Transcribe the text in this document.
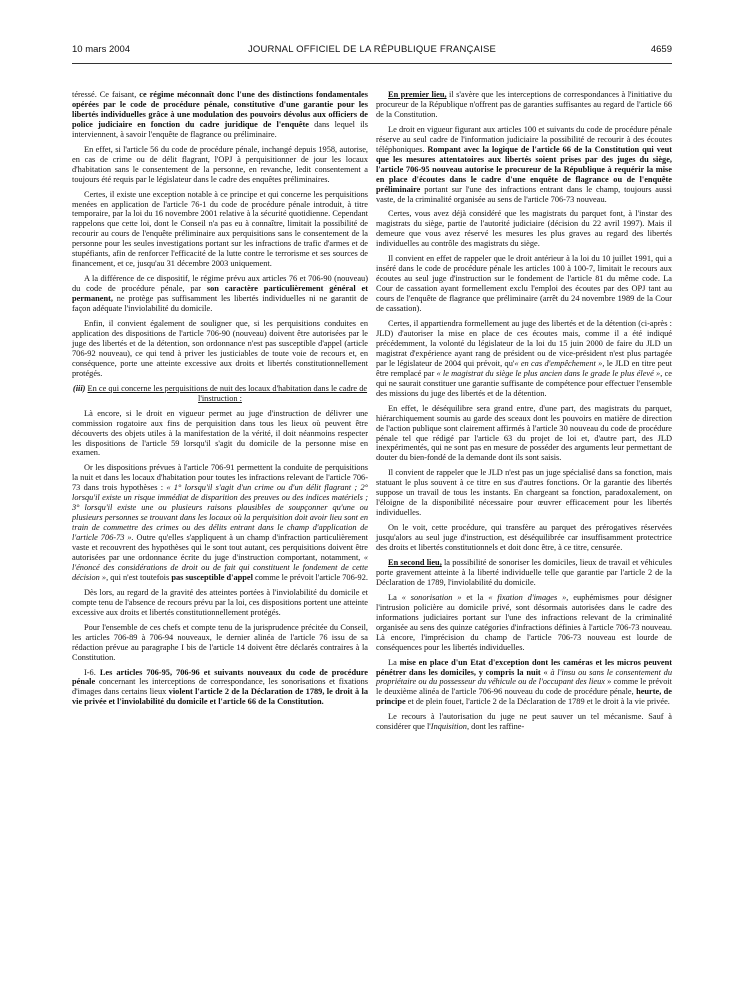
10 mars 2004	JOURNAL OFFICIEL DE LA RÉPUBLIQUE FRANÇAISE	4659

téressé. Ce faisant, ce régime méconnaît donc l'une des distinctions fondamentales opérées par le code de procédure pénale, constitutive d'une garantie pour les libertés individuelles grâce à une modulation des pouvoirs dévolus aux officiers de police judiciaire en fonction du cadre juridique de l'enquête dans lequel ils interviennent, à savoir l'enquête de flagrance ou préliminaire.

En effet, si l'article 56 du code de procédure pénale, inchangé depuis 1958, autorise, en cas de crime ou de délit flagrant, l'OPJ à perquisitionner de jour les locaux d'habitation sans le consentement de la personne, en revanche, ledit consentement a toujours été requis par le législateur dans le cadre des enquêtes préliminaires.

Certes, il existe une exception notable à ce principe et qui concerne les perquisitions menées en application de l'article 76-1 du code de procédure pénale introduit, à titre temporaire, par la loi du 16 novembre 2001 relative à la sécurité quotidienne. Cependant rappelons que cette loi, dont le Conseil n'a pas eu à connaître, limitait la possibilité de recourir au cours de l'enquête préliminaire aux perquisitions sans le consentement de la personne pour les seules investigations portant sur les infractions de trafic d'armes et de stupéfiants, afin de renforcer l'efficacité de la lutte contre le terrorisme et ses sources de financement, et ce, jusqu'au 31 décembre 2003 uniquement.

A la différence de ce dispositif, le régime prévu aux articles 76 et 706-90 (nouveau) du code de procédure pénale, par son caractère particulièrement général et permanent, ne protège pas suffisamment les libertés individuelles ni ne garantit de façon adéquate l'inviolabilité du domicile.

Enfin, il convient également de souligner que, si les perquisitions conduites en application des dispositions de l'article 706-90 (nouveau) doivent être autorisées par le juge des libertés et de la détention, son ordonnance n'est pas susceptible d'appel (article 706-92 nouveau), ce qui tend à priver les justiciables de toute voie de recours et, en conséquence, porte une atteinte excessive aux droits et libertés constitutionnellement protégés.

(iii) En ce qui concerne les perquisitions de nuit des locaux d'habitation dans le cadre de l'instruction :

Là encore, si le droit en vigueur permet au juge d'instruction de délivrer une commission rogatoire aux fins de perquisition dans tous les lieux où peuvent être découverts des objets utiles à la manifestation de la vérité, il doit néanmoins respecter les dispositions de l'article 59 lorsqu'il s'agit du domicile de la personne mise en examen.

Or les dispositions prévues à l'article 706-91 permettent la conduite de perquisitions la nuit et dans les locaux d'habitation pour toutes les infractions relevant de l'article 706-73 dans trois hypothèses : « 1° lorsqu'il s'agit d'un crime ou d'un délit flagrant ; 2° lorsqu'il existe un risque immédiat de disparition des preuves ou des indices matériels ; 3° lorsqu'il existe une ou plusieurs raisons plausibles de soupçonner qu'une ou plusieurs personnes se trouvant dans les locaux où la perquisition doit avoir lieu sont en train de commettre des crimes ou des délits entrant dans le champ d'application de l'article 706-73 ». Outre qu'elles s'appliquent à un champ d'infraction particulièrement vaste et recouvrent des hypothèses qui le sont tout autant, ces perquisitions doivent être autorisées par une ordonnance écrite du juge d'instruction comportant, notamment, « l'énoncé des considérations de droit ou de fait qui constituent le fondement de cette décision », qui n'est toutefois pas susceptible d'appel comme le prévoit l'article 706-92.

Dès lors, au regard de la gravité des atteintes portées à l'inviolabilité du domicile et compte tenu de l'absence de recours prévu par la loi, ces dispositions portent une atteinte excessive aux droits et libertés constitutionnellement protégés.

Pour l'ensemble de ces chefs et compte tenu de la jurisprudence précitée du Conseil, les articles 706-89 à 706-94 nouveaux, le dernier alinéa de l'article 76 issu de sa rédaction prévue au paragraphe I bis de l'article 14 doivent être déclarés contraires à la Constitution.

I-6. Les articles 706-95, 706-96 et suivants nouveaux du code de procédure pénale concernant les interceptions de correspondance, les sonorisations et fixations d'images dans certains lieux violent l'article 2 de la Déclaration de 1789, le droit à la vie privée et l'inviolabilité du domicile et l'article 66 de la Constitution.

En premier lieu, il s'avère que les interceptions de correspondances à l'initiative du procureur de la République n'offrent pas de garanties suffisantes au regard de l'article 66 de la Constitution.

Le droit en vigueur figurant aux articles 100 et suivants du code de procédure pénale réserve au seul cadre de l'information judiciaire la possibilité de recourir à des écoutes téléphoniques. Rompant avec la logique de l'article 66 de la Constitution qui veut que les mesures attentatoires aux libertés soient prises par des juges du siège, l'article 706-95 nouveau autorise le procureur de la République à requérir la mise en place d'écoutes dans le cadre d'une enquête de flagrance ou de l'enquête préliminaire portant sur l'une des infractions entrant dans le champ, toujours aussi vaste, de la criminalité organisée au sens de l'article 706-73 nouveau.

Certes, vous avez déjà considéré que les magistrats du parquet font, à l'instar des magistrats du siège, partie de l'autorité judiciaire (décision du 22 avril 1997). Mais il demeure que vous avez réservé les mesures les plus graves au regard des libertés individuelles au contrôle des magistrats du siège.

Il convient en effet de rappeler que le droit antérieur à la loi du 10 juillet 1991, qui a inséré dans le code de procédure pénale les articles 100 à 100-7, limitait le recours aux écoutes au seul juge d'instruction sur le fondement de l'article 81 du même code. La Cour de cassation ayant formellement exclu l'emploi des écoutes par des OPJ tant au cours de l'enquête de flagrance que préliminaire (arrêt du 24 novembre 1989 de la Cour de cassation).

Certes, il appartiendra formellement au juge des libertés et de la détention (ci-après : JLD) d'autoriser la mise en place de ces écoutes mais, comme il a été indiqué précédemment, la volonté du législateur de la loi du 15 juin 2000 de faire du JLD un magistrat d'expérience ayant rang de président ou de vice-président n'est plus partagée par le législateur de 2004 qui prévoit, qu'« en cas d'empêchement », le JLD en titre peut être remplacé par « le magistrat du siège le plus ancien dans le grade le plus élevé », ce qui ne saurait constituer une garantie suffisante de compétence pour effectuer l'ensemble des missions du juge des libertés et de la détention.

En effet, le déséquilibre sera grand entre, d'une part, des magistrats du parquet, hiérarchiquement soumis au garde des sceaux dont les pouvoirs en matière de direction de l'action publique sont clairement affirmés à l'article 30 nouveau du code de procédure pénale tel que rédigé par l'article 63 du projet de loi et, d'autre part, des JLD inexpérimentés, qui ne sont pas en mesure de posséder des arguments leur permettant de douter du bien-fondé de la demande dont ils sont saisis.

Il convient de rappeler que le JLD n'est pas un juge spécialisé dans sa fonction, mais statuant le plus souvent à ce titre en sus d'autres fonctions. Or la garantie des libertés suppose un travail de tous les instants. En chargeant sa fonction, paradoxalement, on l'éloigne de la disponibilité nécessaire pour œuvrer efficacement pour les libertés individuelles.

On le voit, cette procédure, qui transfère au parquet des prérogatives réservées jusqu'alors au seul juge d'instruction, est déséquilibrée car insuffisamment protectrice des droits et libertés constitutionnels et doit donc être, à ce titre, censurée.

En second lieu, la possibilité de sonoriser les domiciles, lieux de travail et véhicules porte gravement atteinte à la liberté individuelle telle que garantie par l'article 2 de la Déclaration de 1789, l'inviolabilité du domicile.

La « sonorisation » et la « fixation d'images », euphémismes pour désigner l'intrusion policière au domicile privé, sont désormais autorisées dans le cadre des informations judiciaires portant sur l'une des infractions relevant de la criminalité organisée au sens des quinze catégories d'infractions définies à l'article 706-73 nouveau. Là encore, l'imprécision du champ de l'article 706-73 nouveau est lourde de conséquences pour les libertés individuelles.

La mise en place d'un Etat d'exception dont les caméras et les micros peuvent pénétrer dans les domiciles, y compris la nuit « à l'insu ou sans le consentement du propriétaire ou du possesseur du véhicule ou de l'occupant des lieux » comme le prévoit le deuxième alinéa de l'article 706-96 nouveau du code de procédure pénale, heurte, de principe et de plein fouet, l'article 2 de la Déclaration de 1789 et le droit à la vie privée.

Le recours à l'autorisation du juge ne peut sauver un tel mécanisme. Sauf à considérer que l'Inquisition, dont les raffine-
